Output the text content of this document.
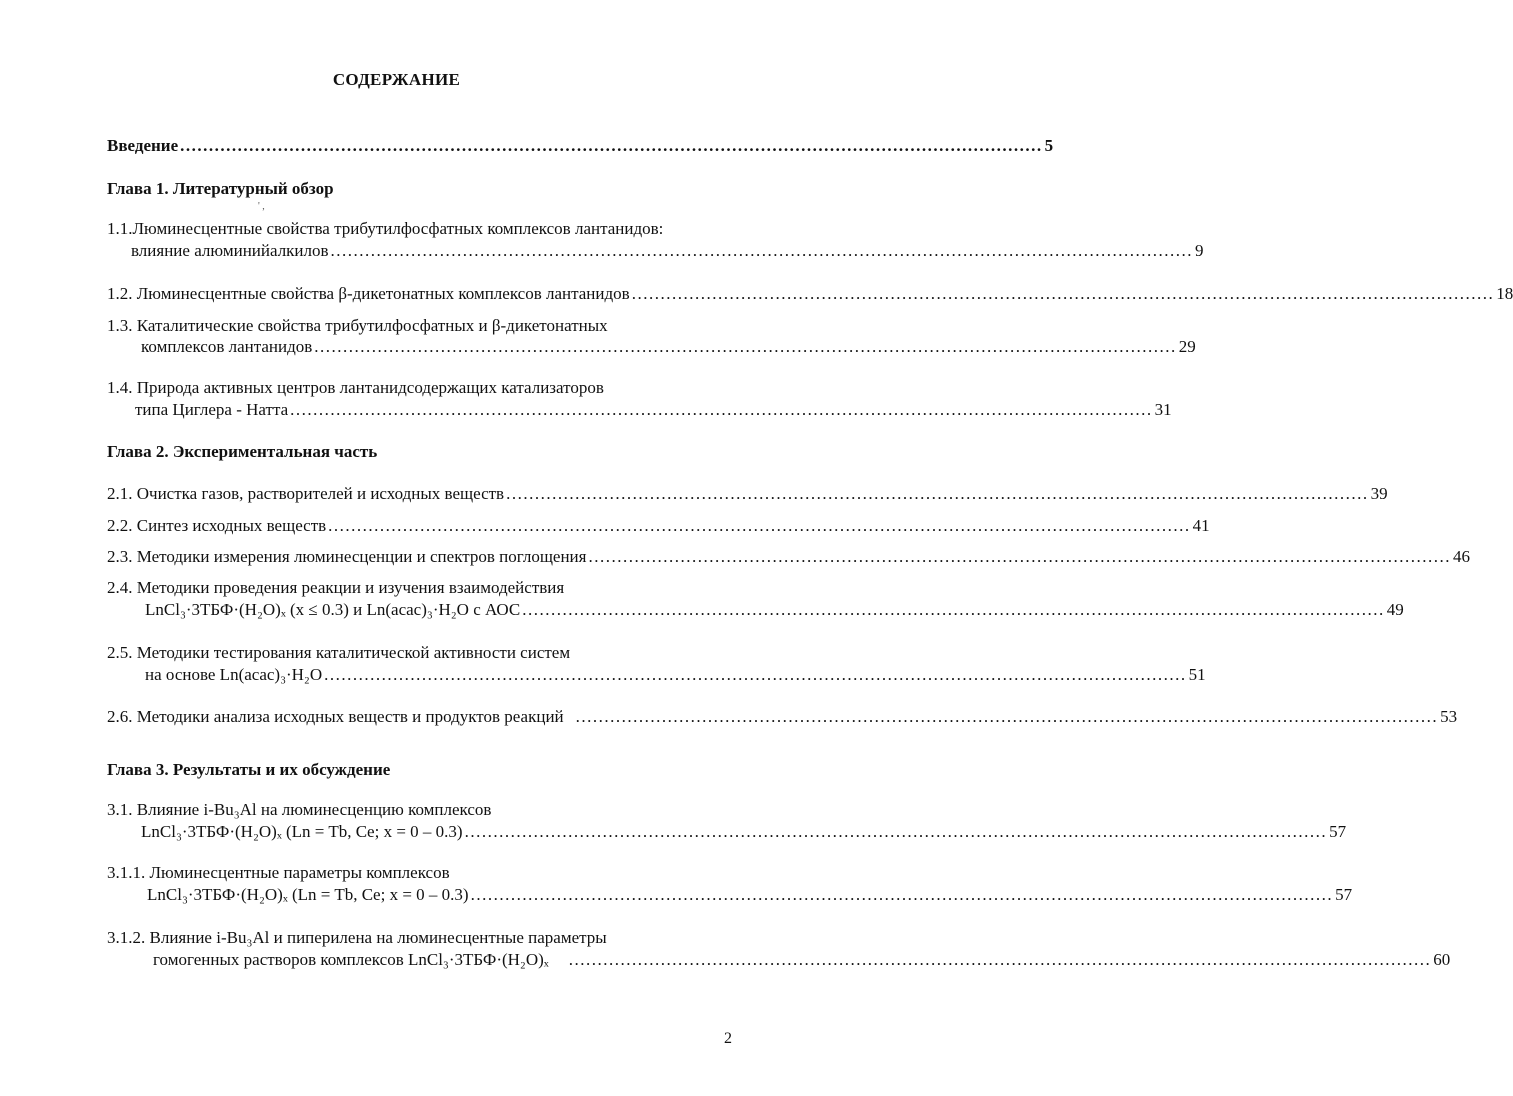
СОДЕРЖАНИЕ
Введение ...................................................................................................................................................... 5
Глава 1. Литературный обзор
' ,
1.1.Люминесцентные свойства трибутилфосфатных комплексов лантанидов:
влияние алюминийалкилов ...................................................................................................................................................... 9
1.2. Люминесцентные свойства β-дикетонатных комплексов лантанидов ...................................................................................................................................................... 18
1.3. Каталитические свойства трибутилфосфатных и β-дикетонатных
комплексов лантанидов ...................................................................................................................................................... 29
1.4. Природа активных центров лантанидсодержащих катализаторов
типа Циглера - Натта ...................................................................................................................................................... 31
Глава 2. Экспериментальная часть
2.1. Очистка газов, растворителей и исходных веществ ...................................................................................................................................................... 39
2.2. Синтез исходных веществ ...................................................................................................................................................... 41
2.3. Методики измерения люминесценции и спектров поглощения ...................................................................................................................................................... 46
2.4. Методики проведения реакции и изучения взаимодействия
LnCl₃·3ТБФ·(H₂O)ₓ (x ≤ 0.3) и Ln(acac)₃·H₂O с АОС ...................................................................................................................................................... 49
2.5. Методики тестирования каталитической активности систем
на основе Ln(acac)₃·H₂O ...................................................................................................................................................... 51
2.6. Методики анализа исходных веществ и продуктов реакций ...................................................................................................................................................... 53
Глава 3. Результаты и их обсуждение
3.1. Влияние i-Bu₃Al на люминесценцию комплексов
LnCl₃·3ТБФ·(H₂O)ₓ (Ln = Tb, Ce; x = 0 – 0.3) ...................................................................................................................................................... 57
3.1.1. Люминесцентные параметры комплексов
LnCl₃·3ТБФ·(H₂O)ₓ (Ln = Tb, Ce; x = 0 – 0.3) ...................................................................................................................................................... 57
3.1.2. Влияние i-Bu₃Al и пиперилена на люминесцентные параметры
гомогенных растворов комплексов LnCl₃·3ТБФ·(H₂O)ₓ ...................................................................................................................................................... 60
2
